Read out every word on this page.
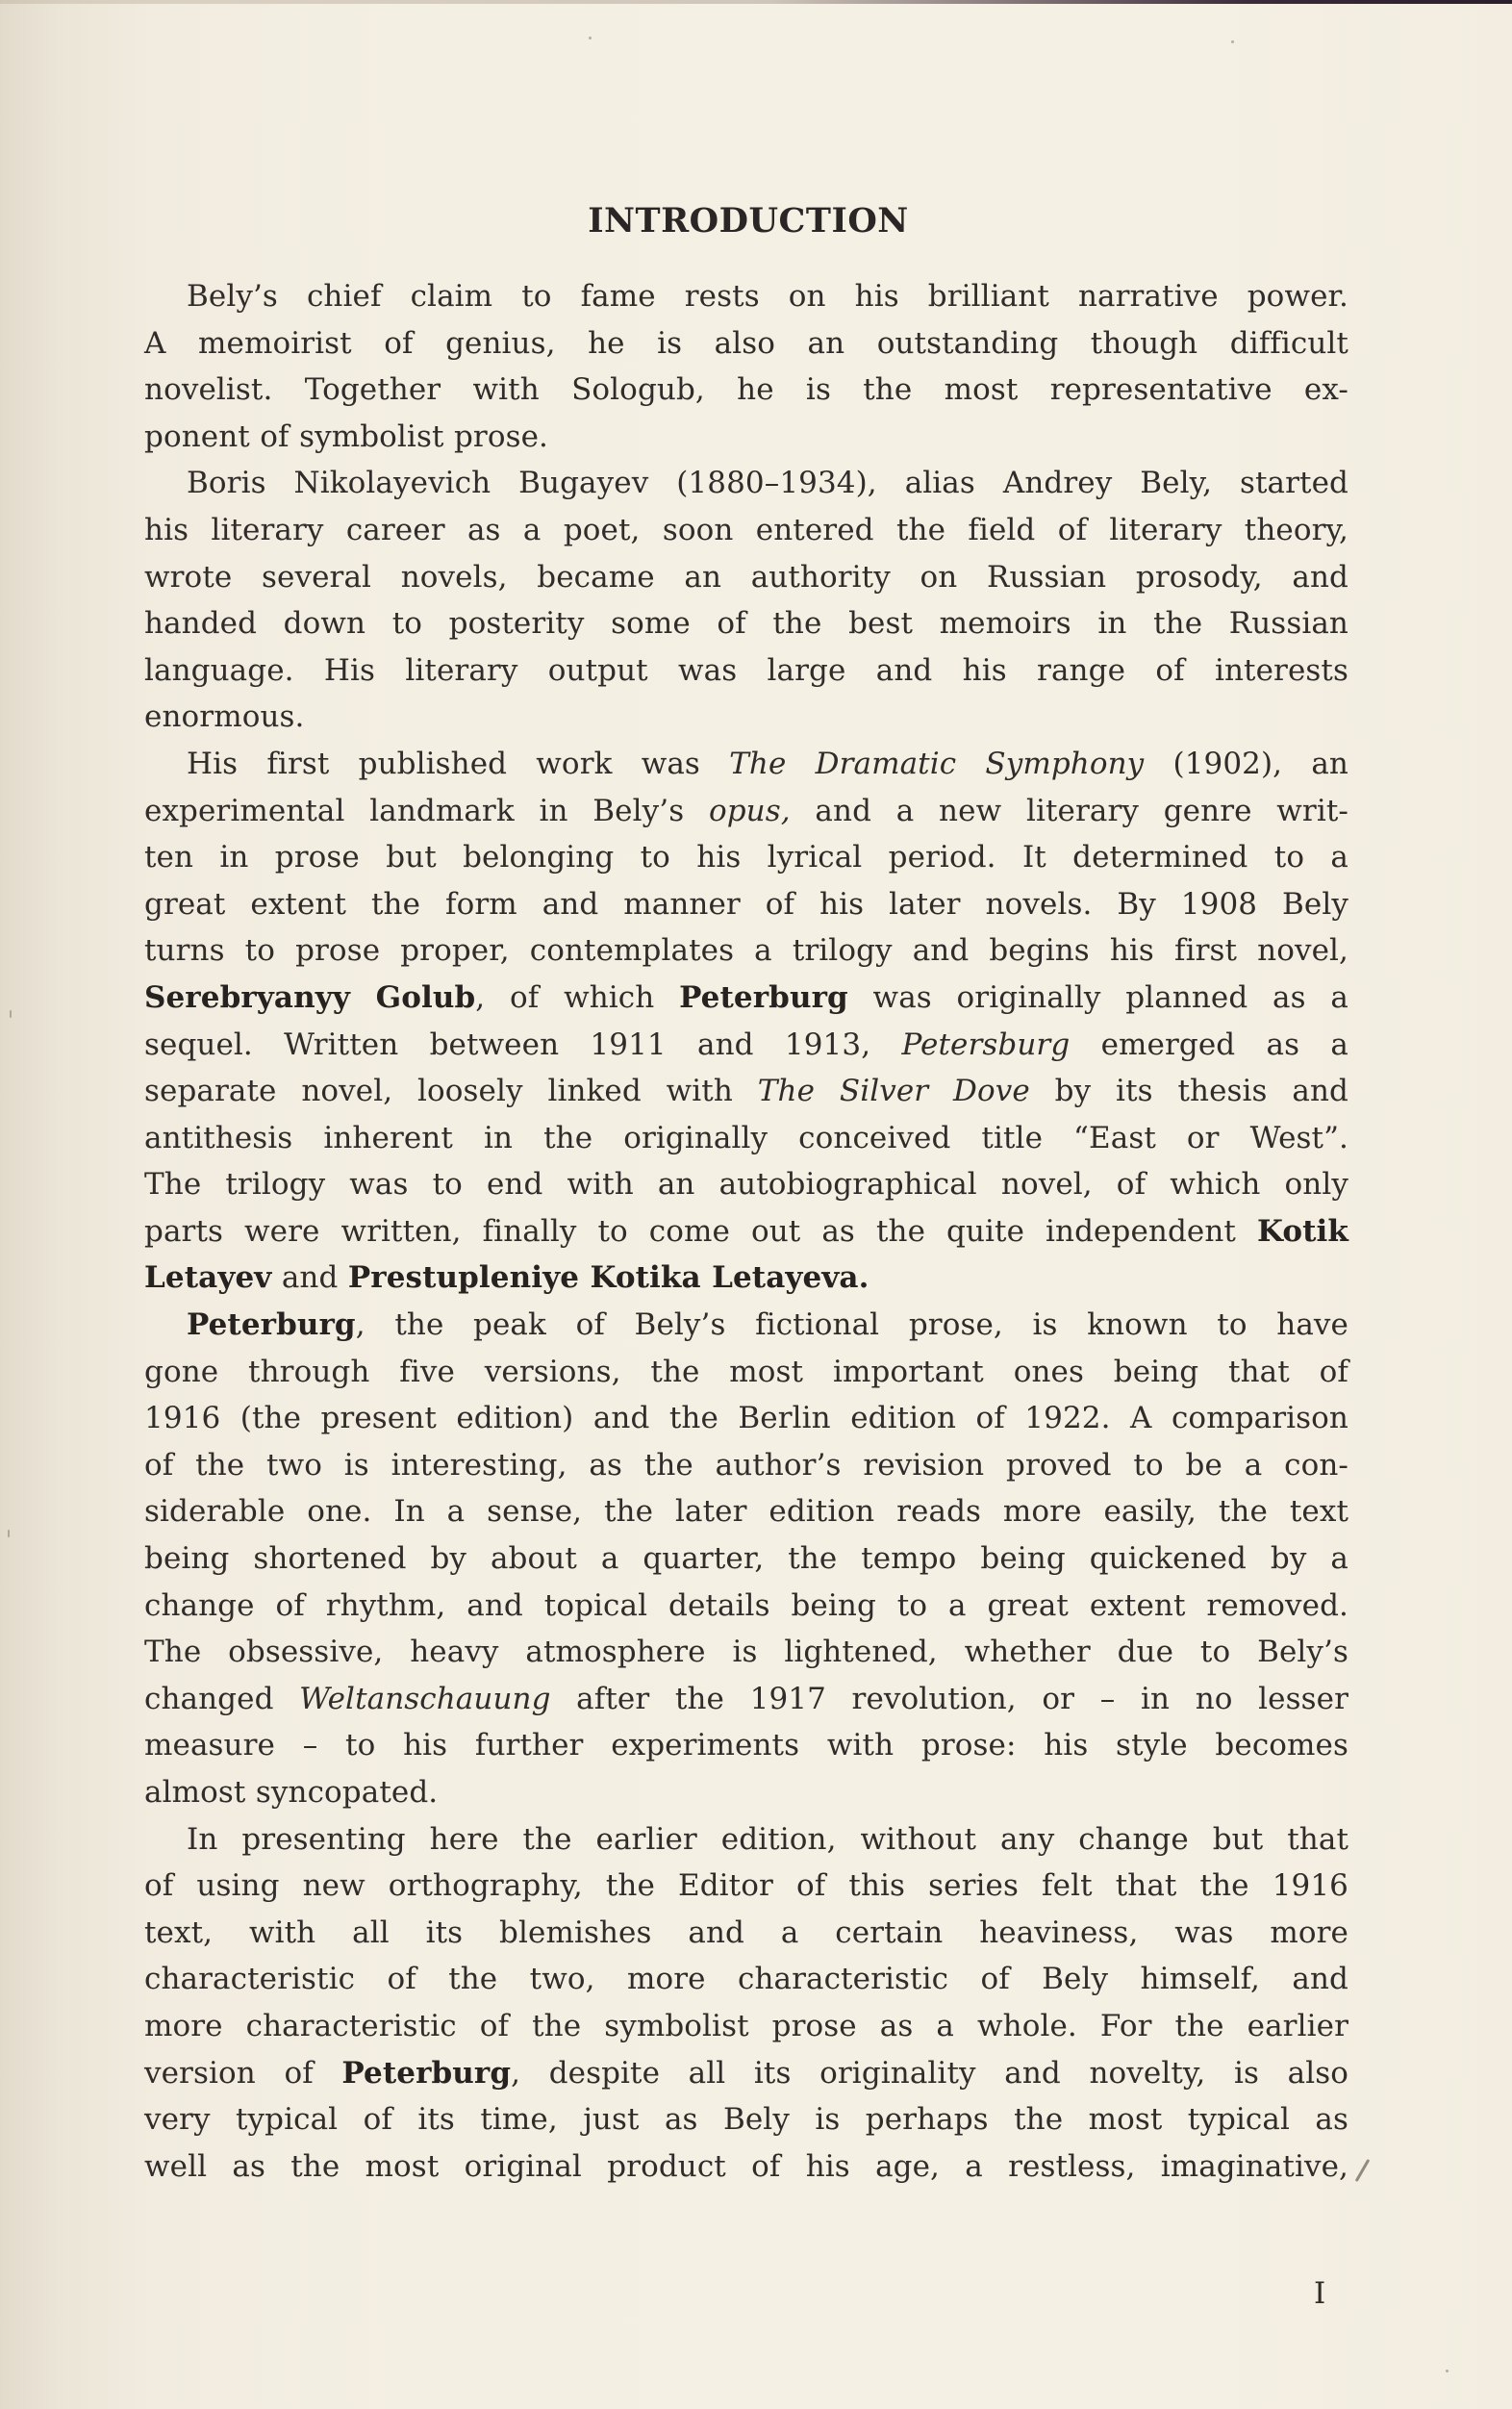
INTRODUCTION

Bely’s chief claim to fame rests on his brilliant narrative power.
A memoirist of genius, he is also an outstanding though difficult
novelist. Together with Sologub, he is the most representative ex-
ponent of symbolist prose.

Boris Nikolayevich Bugayev (1880–1934), alias Andrey Bely, started
his literary career as a poet, soon entered the field of literary theory,
wrote several novels, became an authority on Russian prosody, and
handed down to posterity some of the best memoirs in the Russian
language. His literary output was large and his range of interests
enormous.

His first published work was The Dramatic Symphony (1902), an
experimental landmark in Bely’s opus, and a new literary genre writ-
ten in prose but belonging to his lyrical period. It determined to a
great extent the form and manner of his later novels. By 1908 Bely
turns to prose proper, contemplates a trilogy and begins his first novel,
Serebryanyy Golub, of which Peterburg was originally planned as a
sequel. Written between 1911 and 1913, Petersburg emerged as a
separate novel, loosely linked with The Silver Dove by its thesis and
antithesis inherent in the originally conceived title “East or West”.
The trilogy was to end with an autobiographical novel, of which only
parts were written, finally to come out as the quite independent Kotik
Letayev and Prestupleniye Kotika Letayeva.

Peterburg, the peak of Bely’s fictional prose, is known to have
gone through five versions, the most important ones being that of
1916 (the present edition) and the Berlin edition of 1922. A comparison
of the two is interesting, as the author’s revision proved to be a con-
siderable one. In a sense, the later edition reads more easily, the text
being shortened by about a quarter, the tempo being quickened by a
change of rhythm, and topical details being to a great extent removed.
The obsessive, heavy atmosphere is lightened, whether due to Bely’s
changed Weltanschauung after the 1917 revolution, or – in no lesser
measure – to his further experiments with prose: his style becomes
almost syncopated.

In presenting here the earlier edition, without any change but that
of using new orthography, the Editor of this series felt that the 1916
text, with all its blemishes and a certain heaviness, was more
characteristic of the two, more characteristic of Bely himself, and
more characteristic of the symbolist prose as a whole. For the earlier
version of Peterburg, despite all its originality and novelty, is also
very typical of its time, just as Bely is perhaps the most typical as
well as the most original product of his age, a restless, imaginative,

I
